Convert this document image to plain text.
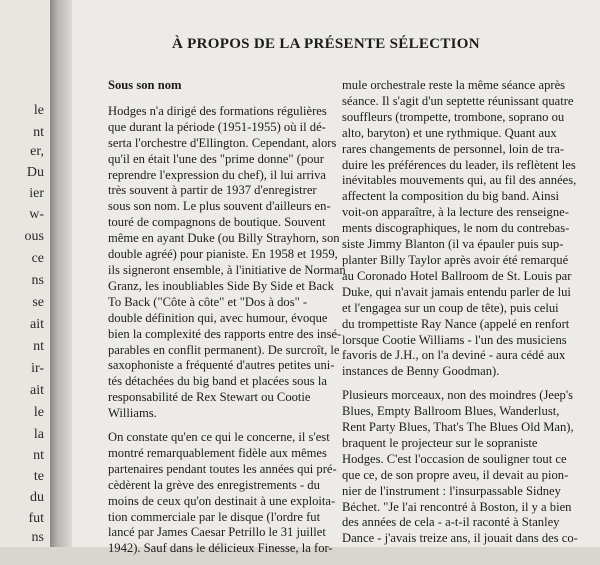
le
nt
er,
Du
ier
w-
ous
ce
ns
se
ait
nt
ir-
ait
le
la
nt
te
du
fut
ns
À PROPOS DE LA PRÉSENTE SÉLECTION
Sous son nom

Hodges n'a dirigé des formations régulières
que durant la période (1951-1955) où il dé-
serta l'orchestre d'Ellington. Cependant, alors
qu'il en était l'une des "prime donne" (pour
reprendre l'expression du chef), il lui arriva
très souvent à partir de 1937 d'enregistrer
sous son nom. Le plus souvent d'ailleurs en-
touré de compagnons de boutique. Souvent
même en ayant Duke (ou Billy Strayhorn, son
double agréé) pour pianiste. En 1958 et 1959,
ils signeront ensemble, à l'initiative de Norman
Granz, les inoubliables Side By Side et Back
To Back ("Côte à côte" et "Dos à dos" -
double définition qui, avec humour, évoque
bien la complexité des rapports entre des insé-
parables en conflit permanent). De surcroît, le
saxophoniste a fréquenté d'autres petites uni-
tés détachées du big band et placées sous la
responsabilité de Rex Stewart ou Cootie
Williams.

On constate qu'en ce qui le concerne, il s'est
montré remarquablement fidèle aux mêmes
partenaires pendant toutes les années qui pré-
cèdèrent la grève des enregistrements - du
moins de ceux qu'on destinait à une exploita-
tion commerciale par le disque (l'ordre fut
lancé par James Caesar Petrillo le 31 juillet
1942). Sauf dans le délicieux Finesse, la for-

mule orchestrale reste la même séance après
séance. Il s'agit d'un septette réunissant quatre
souffleurs (trompette, trombone, soprano ou
alto, baryton) et une rythmique. Quant aux
rares changements de personnel, loin de tra-
duire les préférences du leader, ils reflètent les
inévitables mouvements qui, au fil des années,
affectent la composition du big band. Ainsi
voit-on apparaître, à la lecture des renseigne-
ments discographiques, le nom du contrebas-
siste Jimmy Blanton (il va épauler puis sup-
planter Billy Taylor après avoir été remarqué
au Coronado Hotel Ballroom de St. Louis par
Duke, qui n'avait jamais entendu parler de lui
et l'engagea sur un coup de tête), puis celui
du trompettiste Ray Nance (appelé en renfort
lorsque Cootie Williams - l'un des musiciens
favoris de J.H., on l'a deviné - aura cédé aux
instances de Benny Goodman).

Plusieurs morceaux, non des moindres (Jeep's
Blues, Empty Ballroom Blues, Wanderlust,
Rent Party Blues, That's The Blues Old Man),
braquent le projecteur sur le sopraniste
Hodges. C'est l'occasion de souligner tout ce
que ce, de son propre aveu, il devait au pion-
nier de l'instrument : l'insurpassable Sidney
Béchet. "Je l'ai rencontré à Boston, il y a bien
des années de cela - a-t-il raconté à Stanley
Dance - j'avais treize ans, il jouait dans des co-
